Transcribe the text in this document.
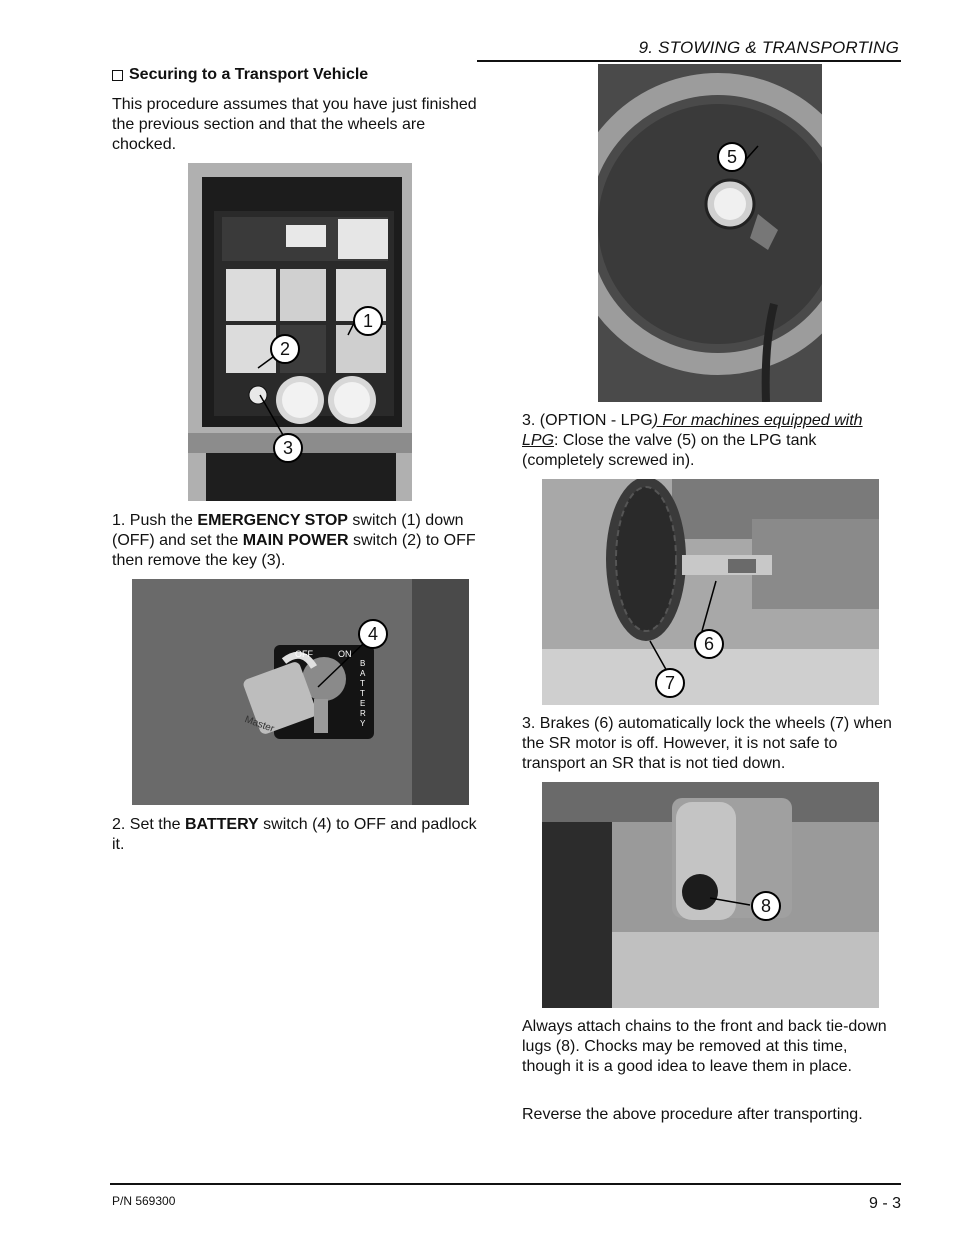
9. STOWING & TRANSPORTING
Securing to a Transport Vehicle
This procedure assumes that you have just finished the previous section and that the wheels are chocked.
1
2
3
1. Push the EMERGENCY STOP switch (1) down (OFF) and set the MAIN POWER switch (2) to OFF then remove the key (3).
OFF	ON
BATTERY
Master
4
2. Set the BATTERY switch (4) to OFF and padlock it.
5
3. (OPTION - LPG) For machines equipped with LPG: Close the valve (5) on the LPG tank (completely screwed in).
6
7
3. Brakes (6) automatically lock the wheels (7) when the SR motor is off. However, it is not safe to transport an SR that is not tied down.
8
Always attach chains to the front and back tie-down lugs (8). Chocks may be removed at this time, though it is a good idea to leave them in place.
Reverse the above procedure after transporting.
P/N 569300	9 - 3
